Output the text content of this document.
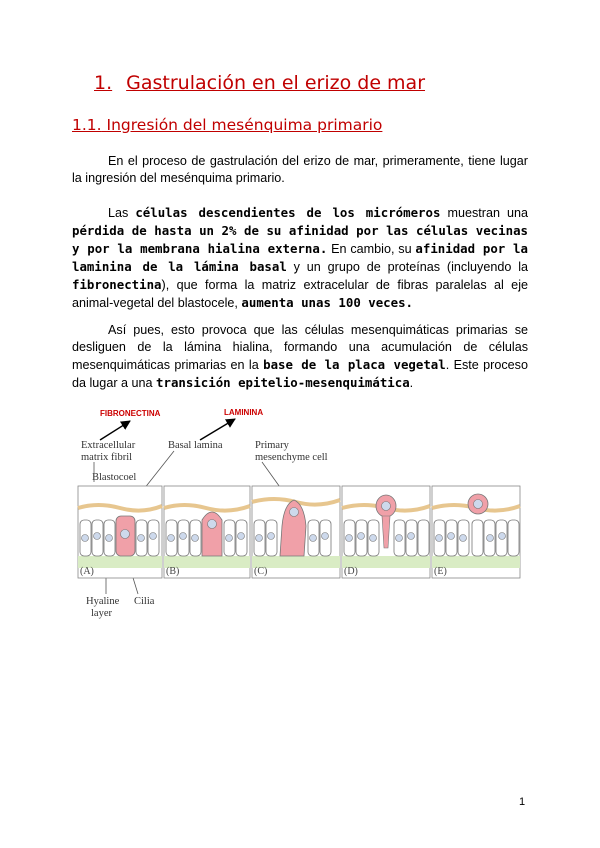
1. Gastrulación en el erizo de mar
1.1. Ingresión del mesénquima primario
En el proceso de gastrulación del erizo de mar, primeramente, tiene lugar la ingresión del mesénquima primario.
Las células descendientes de los micrómeros muestran una pérdida de hasta un 2% de su afinidad por las células vecinas y por la membrana hialina externa. En cambio, su afinidad por la laminina de la lámina basal y un grupo de proteínas (incluyendo la fibronectina), que forma la matriz extracelular de fibras paralelas al eje animal-vegetal del blastocele, aumenta unas 100 veces.
Así pues, esto provoca que las células mesenquimáticas primarias se desliguen de la lámina hialina, formando una acumulación de células mesenquimáticas primarias en la base de la placa vegetal. Este proceso da lugar a una transición epitelio-mesenquimática.
FIBRONECTINA	LAMININA
Extracellular
matrix fibril
Basal lamina	Primary
mesenchyme cell
Blastocoel
Hyaline
layer
Cilia
(A)	(B)	(C)	(D)	(E)
1
